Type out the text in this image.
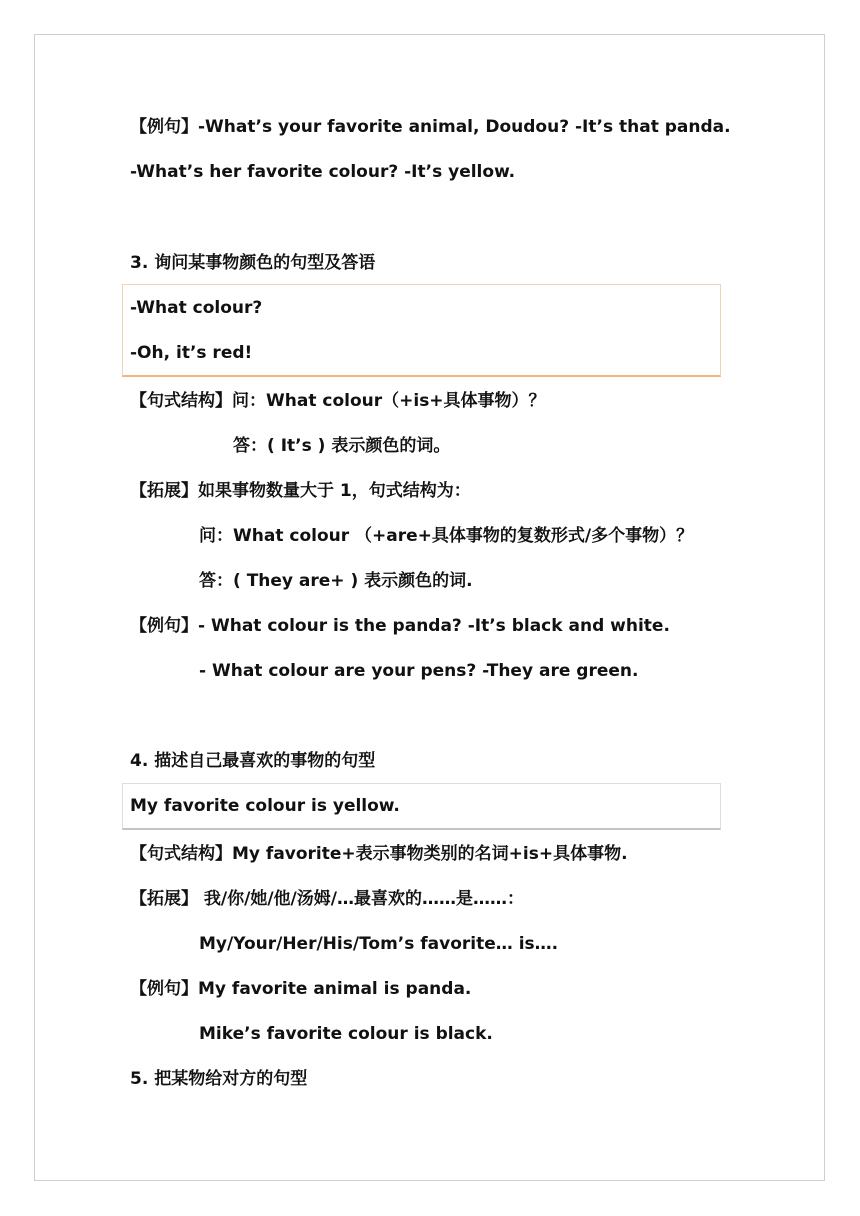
【例句】-What’s your favorite animal, Doudou? -It’s that panda.
-What’s her favorite colour? -It’s yellow.
3. 询问某事物颜色的句型及答语
-What colour?
-Oh, it’s red!
【句式结构】问：What colour（+is+具体事物）？
答：( It’s ) 表示颜色的词。
【拓展】如果事物数量大于 1，句式结构为：
问：What colour （+are+具体事物的复数形式/多个事物）？
答：( They are+ ) 表示颜色的词.
【例句】- What colour is the panda? -It’s black and white.
- What colour are your pens? -They are green.
4. 描述自己最喜欢的事物的句型
My favorite colour is yellow.
【句式结构】My favorite+表示事物类别的名词+is+具体事物.
【拓展】 我/你/她/他/汤姆/…最喜欢的……是……：
My/Your/Her/His/Tom’s favorite… is….
【例句】My favorite animal is panda.
Mike’s favorite colour is black.
5. 把某物给对方的句型
